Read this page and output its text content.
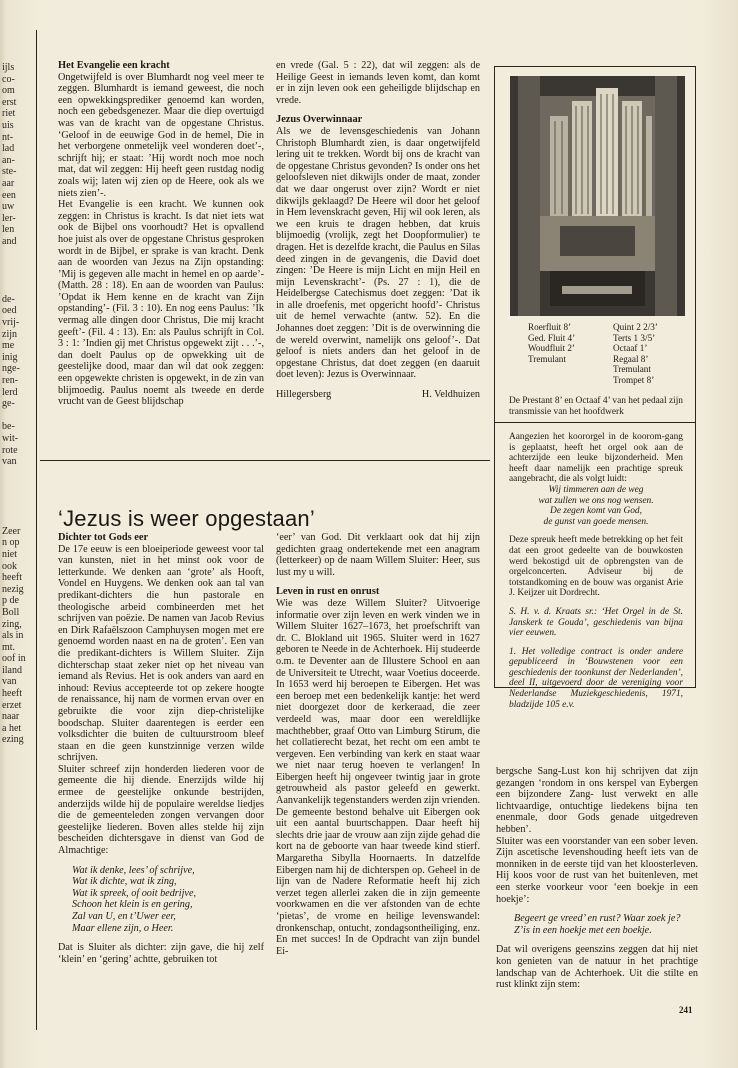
ijls
co-
om
erst
riet
uis
nt-
lad
an-
ste-
aar
een
uw
ler-
len
and
de-
oed
vrij-
zijn
me
inig
nge-
ren-
lerd
ge-
be-
wit-
rote
van
Zeer
n op
niet
ook
heeft
nezig
p de
Boll
zing,
als in
mt.
oof in
iland
van
heeft
erzet
naar
a het
ezing

Het Evangelie een kracht

Ongetwijfeld is over Blumhardt nog veel meer te zeggen. Blumhardt is iemand geweest, die noch een opwekkingsprediker genoemd kan worden, noch een gebedsgenezer. Maar die diep overtuigd was van de kracht van de opgestane Christus. ‘Geloof in de eeuwige God in de hemel, Die in het verborgene onmetelijk veel wonderen doet’-, schrijft hij; er staat: ’Hij wordt noch moe noch mat, dat wil zeggen: Hij heeft geen rustdag nodig zoals wij; laten wij zien op de Heere, ook als we niets zien’-.
Het Evangelie is een kracht. We kunnen ook zeggen: in Christus is kracht. Is dat niet iets wat ook de Bijbel ons voorhoudt? Het is opvallend hoe juist als over de opgestane Christus gesproken wordt in de Bijbel, er sprake is van kracht. Denk aan de woorden van Jezus na Zijn opstanding: ’Mij is gegeven alle macht in hemel en op aarde’-(Matth. 28 : 18). En aan de woorden van Paulus: ’Opdat ik Hem kenne en de kracht van Zijn opstanding’- (Fil. 3 : 10). En nog eens Paulus: ’Ik vermag alle dingen door Christus, Die mij kracht geeft’- (Fil. 4 : 13). En: als Paulus schrijft in Col. 3 : 1: ’Indien gij met Christus opgewekt zijt . . .’-, dan doelt Paulus op de opwekking uit de geestelijke dood, maar dan wil dat ook zeggen: een opgewekte christen is opgewekt, in de zin van blijmoedig. Paulus noemt als tweede en derde vrucht van de Geest blijdschap

en vrede (Gal. 5 : 22), dat wil zeggen: als de Heilige Geest in iemands leven komt, dan komt er in zijn leven ook een geheiligde blijdschap en vrede.

Jezus Overwinnaar

Als we de levensgeschiedenis van Johann Christoph Blumhardt zien, is daar ongetwijfeld lering uit te trekken. Wordt bij ons de kracht van de opgestane Christus gevonden? Is onder ons het geloofsleven niet dikwijls onder de maat, zonder dat we daar ongerust over zijn? Wordt er niet dikwijls geklaagd? De Heere wil door het geloof in Hem levenskracht geven, Hij wil ook leren, als we een kruis te dragen hebben, dat kruis blijmoedig (vrolijk, zegt het Doopformulier) te dragen. Het is dezelfde kracht, die Paulus en Silas deed zingen in de gevangenis, die David doet zingen: ’De Heere is mijn Licht en mijn Heil en mijn Levenskracht’- (Ps. 27 : 1), die de Heidelbergse Catechismus doet zeggen: ’Dat ik in alle droefenis, met opgericht hoofd’- Christus uit de hemel verwachte (antw. 52). En die Johannes doet zeggen: ’Dit is de overwinning die de wereld overwint, namelijk ons geloof’-. Dat geloof is niets anders dan het geloof in de opgestane Christus, dat doet zeggen (en daaruit doet leven): Jezus is Overwinnaar.

Hillegersberg	H. Veldhuizen
‘Jezus is weer opgestaan’

Dichter tot Gods eer

De 17e eeuw is een bloeiperiode geweest voor tal van kunsten, niet in het minst ook voor de letterkunde. We denken aan ‘grote’ als Hooft, Vondel en Huygens. We denken ook aan tal van predikant-dichters die hun pastorale en theologische arbeid combineerden met het schrijven van poëzie. De namen van Jacob Revius en Dirk Rafaëlszoon Camphuysen mogen met ere genoemd worden naast en na de groten’. Een van die predikant-dichters is Willem Sluiter. Zijn dichterschap staat zeker niet op het niveau van iemand als Revius. Het is ook anders van aard en inhoud: Revius accepteerde tot op zekere hoogte de renaissance, hij nam de vormen ervan over en gebruikte die voor zijn diep-christelijke boodschap. Sluiter daarentegen is eerder een volksdichter die buiten de cultuurstroom bleef staan en die geen kunstzinnige verzen wilde schrijven.
Sluiter schreef zijn honderden liederen voor de gemeente die hij diende. Enerzijds wilde hij ermee de geestelijke onkunde bestrijden, anderzijds wilde hij de populaire wereldse liedjes die de gemeenteleden zongen vervangen door geestelijke liederen. Boven alles stelde hij zijn bescheiden dichtersgave in dienst van God de Almachtige:

Wat ik denke, lees’ of schrijve,
Wat ik dichte, wat ik zing,
Wat ik spreek, of ooit bedrijve,
Schoon het klein is en gering,
Zal van U, en t’Uwer eer,
Maar ellene zijn, o Heer.

Dat is Sluiter als dichter: zijn gave, die hij zelf ‘klein’ en ‘gering’ achtte, gebruiken tot

‘eer’ van God. Dit verklaart ook dat hij zijn gedichten graag ondertekende met een anagram (letterkeer) op de naam Willem Sluiter: Heer, sus lust my u will.

Leven in rust en onrust

Wie was deze Willem Sluiter? Uitvoerige informatie over zijn leven en werk vinden we in Willem Sluiter 1627–1673, het proefschrift van dr. C. Blokland uit 1965. Sluiter werd in 1627 geboren te Neede in de Achterhoek. Hij studeerde o.m. te Deventer aan de Illustere School en aan de Universiteit te Utrecht, waar Voetius doceerde. In 1653 werd hij beroepen te Eibergen. Het was een beroep met een bedenkelijk kantje: het werd niet doorgezet door de kerkeraad, die zeer verdeeld was, maar door een wereldlijke machthebber, graaf Otto van Limburg Stirum, die het collatierecht bezat, het recht om een ambt te vergeven. Een verbinding van kerk en staat waar we niet naar terug hoeven te verlangen! In Eibergen heeft hij ongeveer twintig jaar in grote getrouwheid als pastor geleefd en gewerkt. Aanvankelijk tegenstanders werden zijn vrienden. De gemeente bestond behalve uit Eibergen ook uit een aantal buurtschappen. Daar heeft hij slechts drie jaar de vrouw aan zijn zijde gehad die kort na de geboorte van haar tweede kind stierf. Margaretha Sibylla Hoornaerts. In datzelfde Eibergen nam hij de dichterspen op. Geheel in de lijn van de Nadere Reformatie heeft hij zich verzet tegen allerlei zaken die in zijn gemeente voorkwamen en die ver afstonden van de echte ‘pietas’, de vrome en heilige levenswandel: dronkenschap, ontucht, zondagsontheiliging, enz. En met succes! In de Opdracht van zijn bundel Ei-

bergsche Sang-Lust kon hij schrijven dat zijn gezangen ‘rondom in ons kerspel van Eybergen een bijzondere Zang- lust verwekt en alle lichtvaardige, ontuchtige liedekens bijna ten enenmale, door Gods genade uitgedreven hebben’.
Sluiter was een voorstander van een sober leven. Zijn ascetische levenshouding heeft iets van de monniken in de eerste tijd van het kloosterleven. Hij koos voor de rust van het buitenleven, met een sterke voorkeur voor ‘een boekje in een hoekje’:

Begeert ge vreed’ en rust? Waar zoek je?
Z’is in een hoekje met een boekje.

Dat wil overigens geenszins zeggen dat hij niet kon genieten van de natuur in het prachtige landschap van de Achterhoek. Uit die stilte en rust klinkt zijn stem:

Roerfluit 8’
Ged. Fluit 4’
Woudfluit 2’
Tremulant
Quint 2 2/3’
Terts 1 3/5’
Octaaf 1’
Regaal 8’
Tremulant
Trompet 8’
De Prestant 8’ en Octaaf 4’ van het pedaal zijn transmissie van het hoofdwerk

Aangezien het koororgel in de koorom-gang is geplaatst, heeft het orgel ook aan de achterzijde een leuke bijzonderheid. Men heeft daar namelijk een prachtige spreuk aangebracht, die als volgt luidt:

Wij timmeren aan de weg
wat zullen we ons nog wensen.
De zegen komt van God,
de gunst van goede mensen.

Deze spreuk heeft mede betrekking op het feit dat een groot gedeelte van de bouwkosten werd bekostigd uit de opbrengsten van de orgelconcerten. Adviseur bij de totstandkoming en de bouw was organist Arie J. Keijzer uit Dordrecht.

S. H. v. d. Kraats sr.: ‘Het Orgel in de St. Janskerk te Gouda’, geschiedenis van bijna vier eeuwen.

1. Het volledige contract is onder andere gepubliceerd in ‘Bouwstenen voor een geschiedenis der toonkunst der Nederlanden’, deel II, uitgevoerd door de vereniging voor Nederlandse Muziekgeschiedenis, 1971, bladzijde 105 e.v.

241
